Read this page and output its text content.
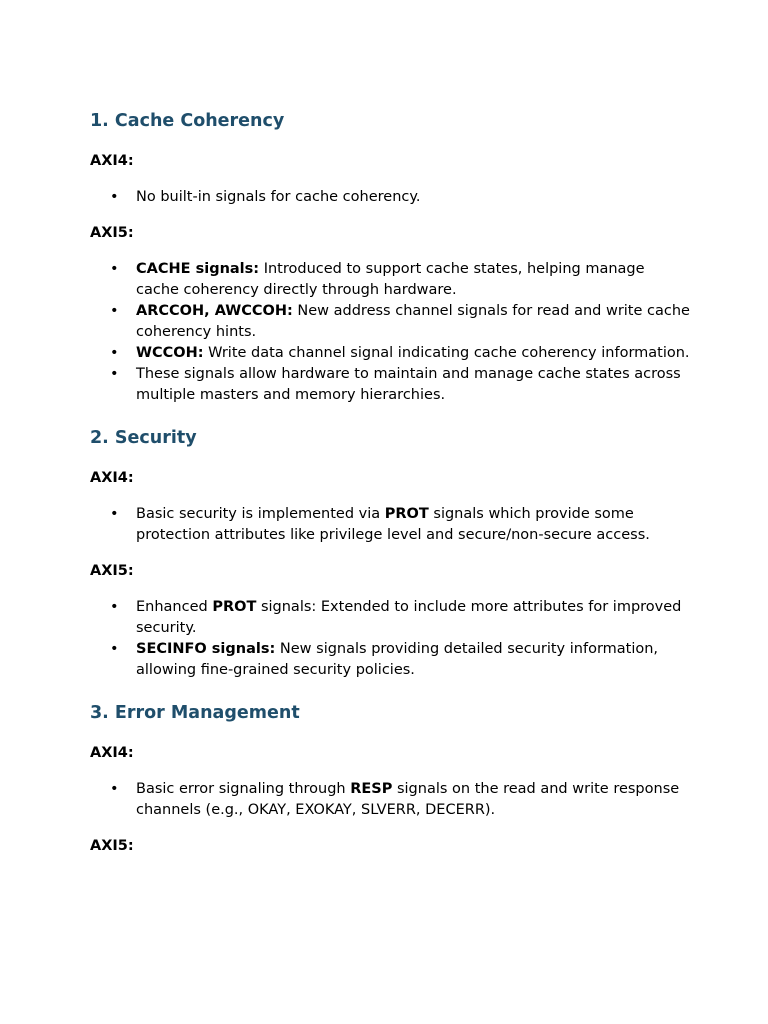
1. Cache Coherency

AXI4:

• No built-in signals for cache coherency.

AXI5:

• CACHE signals: Introduced to support cache states, helping manage cache coherency directly through hardware.
• ARCCOH, AWCCOH: New address channel signals for read and write cache coherency hints.
• WCCOH: Write data channel signal indicating cache coherency information.
• These signals allow hardware to maintain and manage cache states across multiple masters and memory hierarchies.
2. Security

AXI4:

• Basic security is implemented via PROT signals which provide some protection attributes like privilege level and secure/non-secure access.

AXI5:

• Enhanced PROT signals: Extended to include more attributes for improved security.
• SECINFO signals: New signals providing detailed security information, allowing fine-grained security policies.
3. Error Management

AXI4:

• Basic error signaling through RESP signals on the read and write response channels (e.g., OKAY, EXOKAY, SLVERR, DECERR).

AXI5:
